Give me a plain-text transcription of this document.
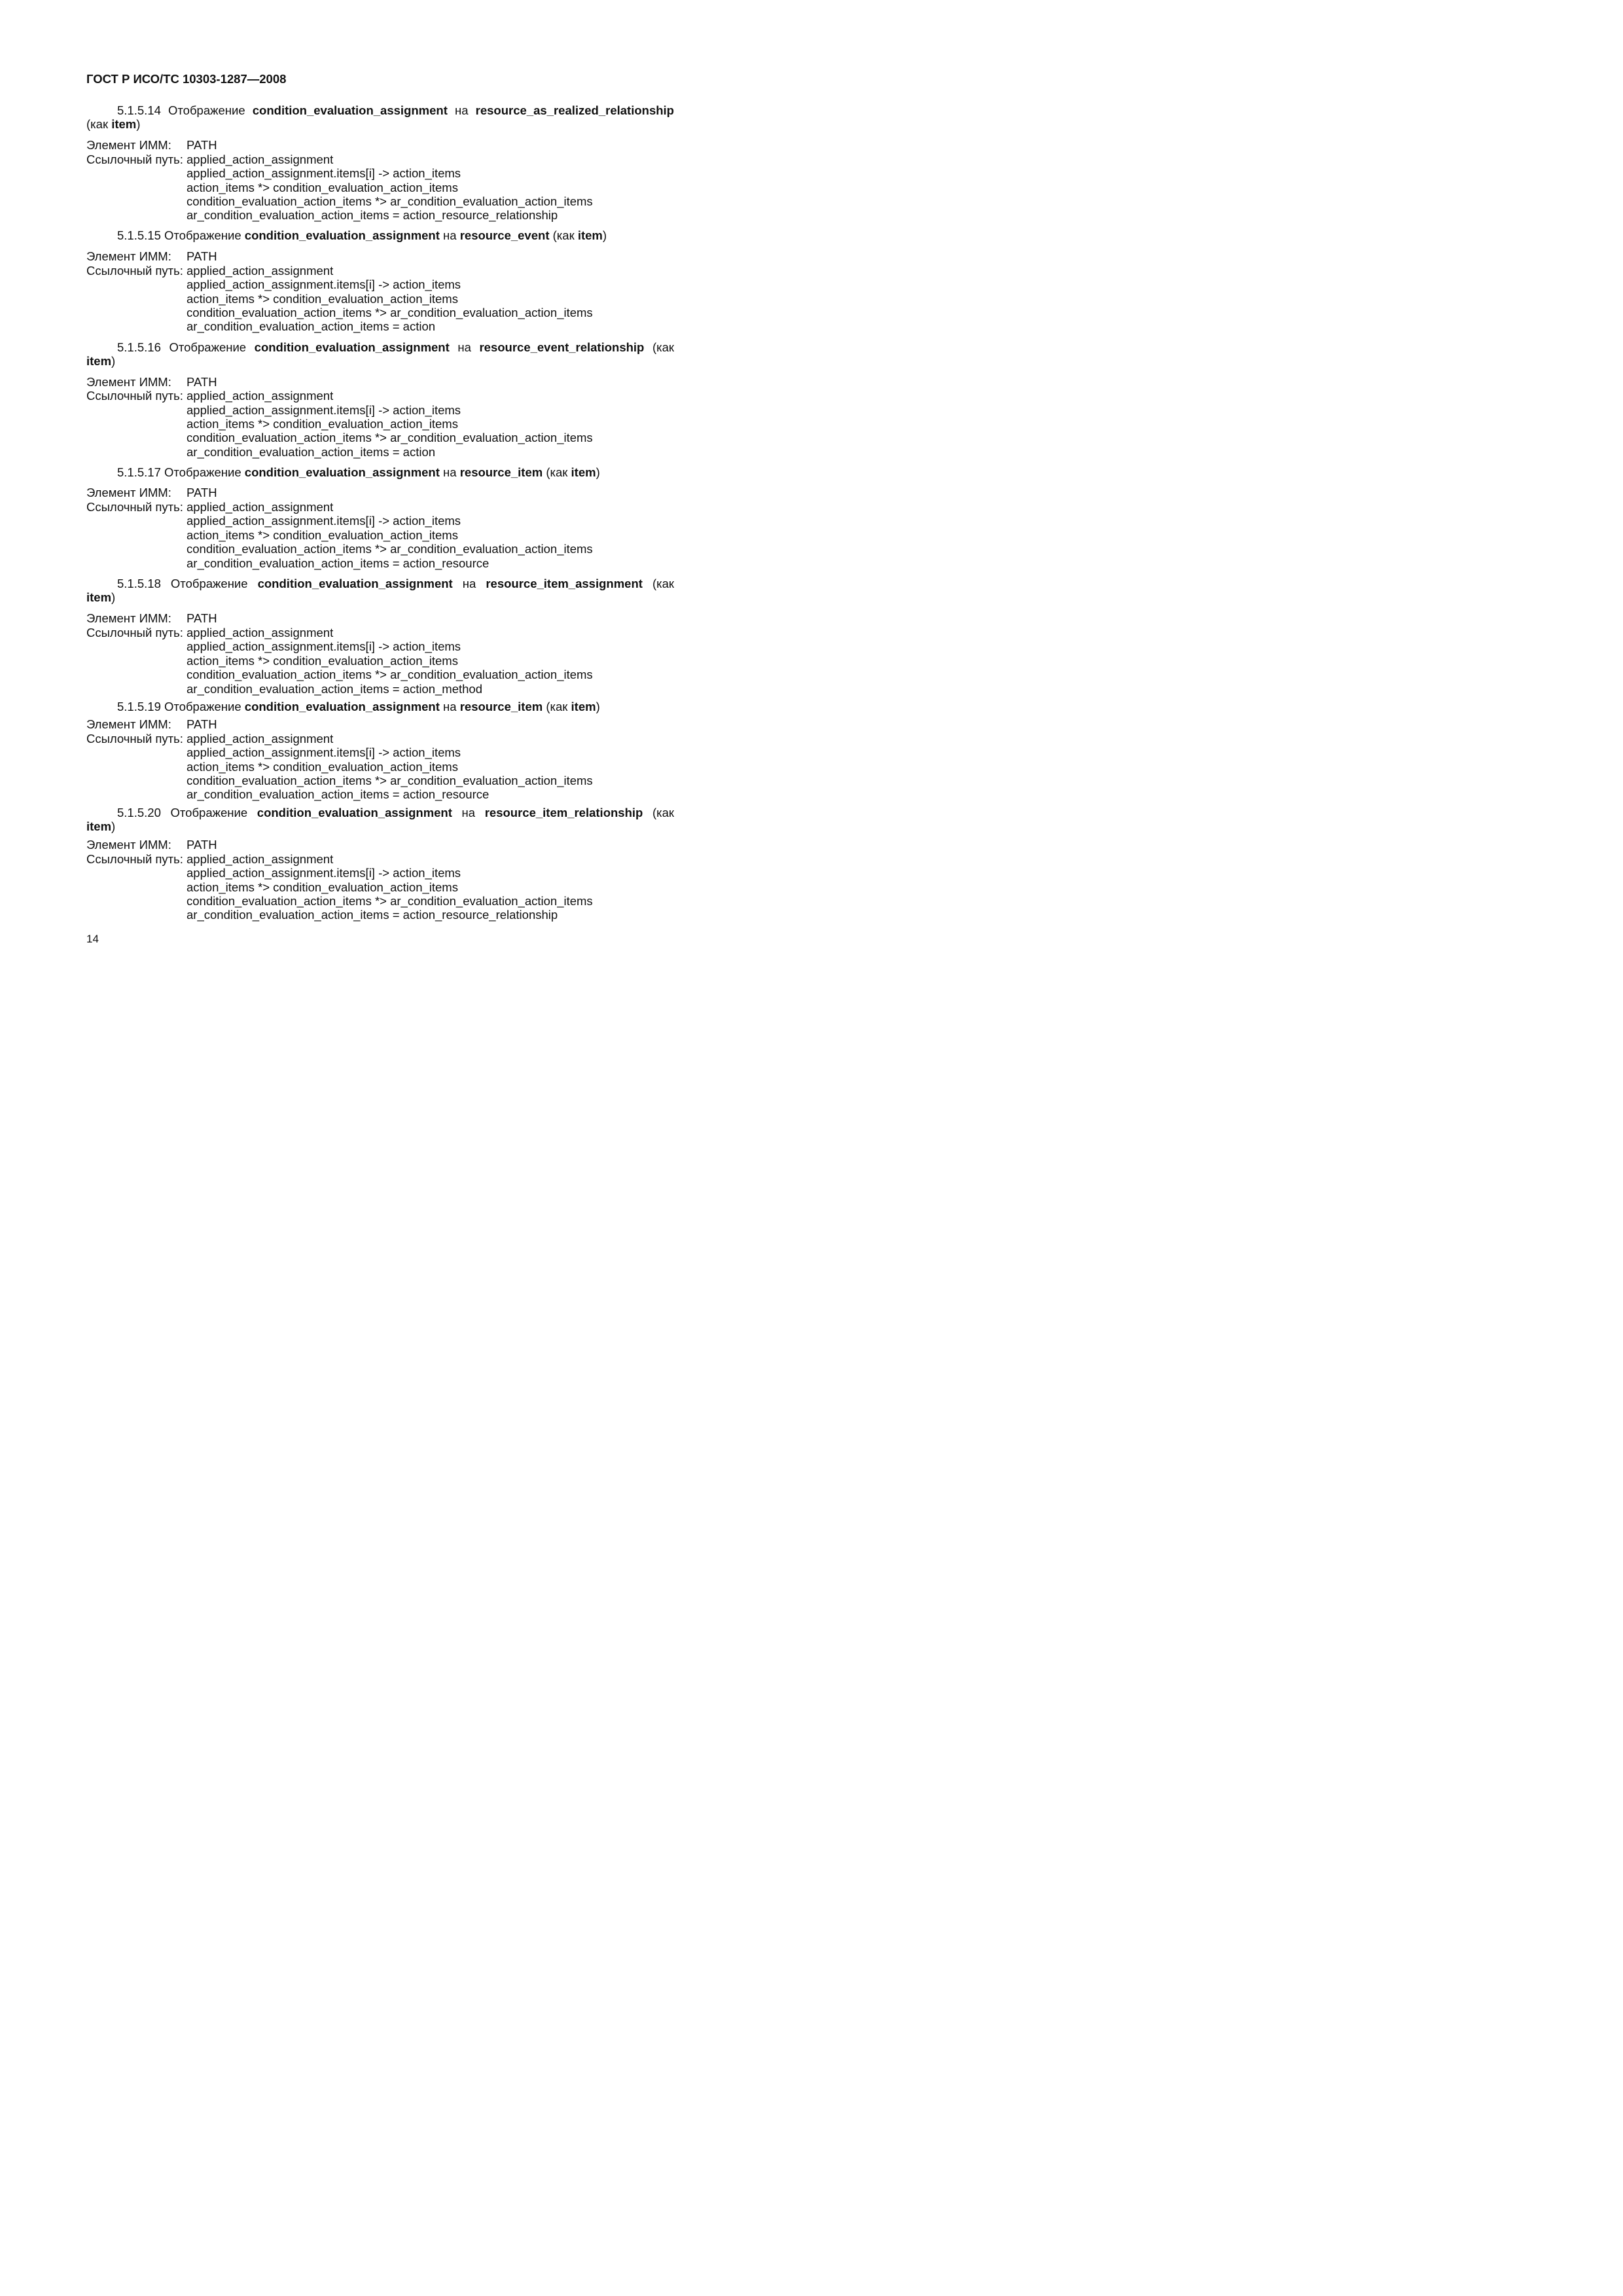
ГОСТ Р ИСО/ТС 10303-1287—2008
5.1.5.14 Отображение condition_evaluation_assignment на resource_as_realized_relationship
(как item)
Элемент ИММ: PATH
Ссылочный путь: applied_action_assignment
applied_action_assignment.items[i] -> action_items
action_items *> condition_evaluation_action_items
condition_evaluation_action_items *> ar_condition_evaluation_action_items
ar_condition_evaluation_action_items = action_resource_relationship
5.1.5.15 Отображение condition_evaluation_assignment на resource_event (как item)
Элемент ИММ: PATH
Ссылочный путь: applied_action_assignment
applied_action_assignment.items[i] -> action_items
action_items *> condition_evaluation_action_items
condition_evaluation_action_items *> ar_condition_evaluation_action_items
ar_condition_evaluation_action_items = action
5.1.5.16 Отображение condition_evaluation_assignment на resource_event_relationship (как
item)
Элемент ИММ: PATH
Ссылочный путь: applied_action_assignment
applied_action_assignment.items[i] -> action_items
action_items *> condition_evaluation_action_items
condition_evaluation_action_items *> ar_condition_evaluation_action_items
ar_condition_evaluation_action_items = action
5.1.5.17 Отображение condition_evaluation_assignment на resource_item (как item)
Элемент ИММ: PATH
Ссылочный путь: applied_action_assignment
applied_action_assignment.items[i] -> action_items
action_items *> condition_evaluation_action_items
condition_evaluation_action_items *> ar_condition_evaluation_action_items
ar_condition_evaluation_action_items = action_resource
5.1.5.18 Отображение condition_evaluation_assignment на resource_item_assignment (как
item)
Элемент ИММ: PATH
Ссылочный путь: applied_action_assignment
applied_action_assignment.items[i] -> action_items
action_items *> condition_evaluation_action_items
condition_evaluation_action_items *> ar_condition_evaluation_action_items
ar_condition_evaluation_action_items = action_method
5.1.5.19 Отображение condition_evaluation_assignment на resource_item (как item)
Элемент ИММ: PATH
Ссылочный путь: applied_action_assignment
applied_action_assignment.items[i] -> action_items
action_items *> condition_evaluation_action_items
condition_evaluation_action_items *> ar_condition_evaluation_action_items
ar_condition_evaluation_action_items = action_resource
5.1.5.20 Отображение condition_evaluation_assignment на resource_item_relationship (как
item)
Элемент ИММ: PATH
Ссылочный путь: applied_action_assignment
applied_action_assignment.items[i] -> action_items
action_items *> condition_evaluation_action_items
condition_evaluation_action_items *> ar_condition_evaluation_action_items
ar_condition_evaluation_action_items = action_resource_relationship
14
